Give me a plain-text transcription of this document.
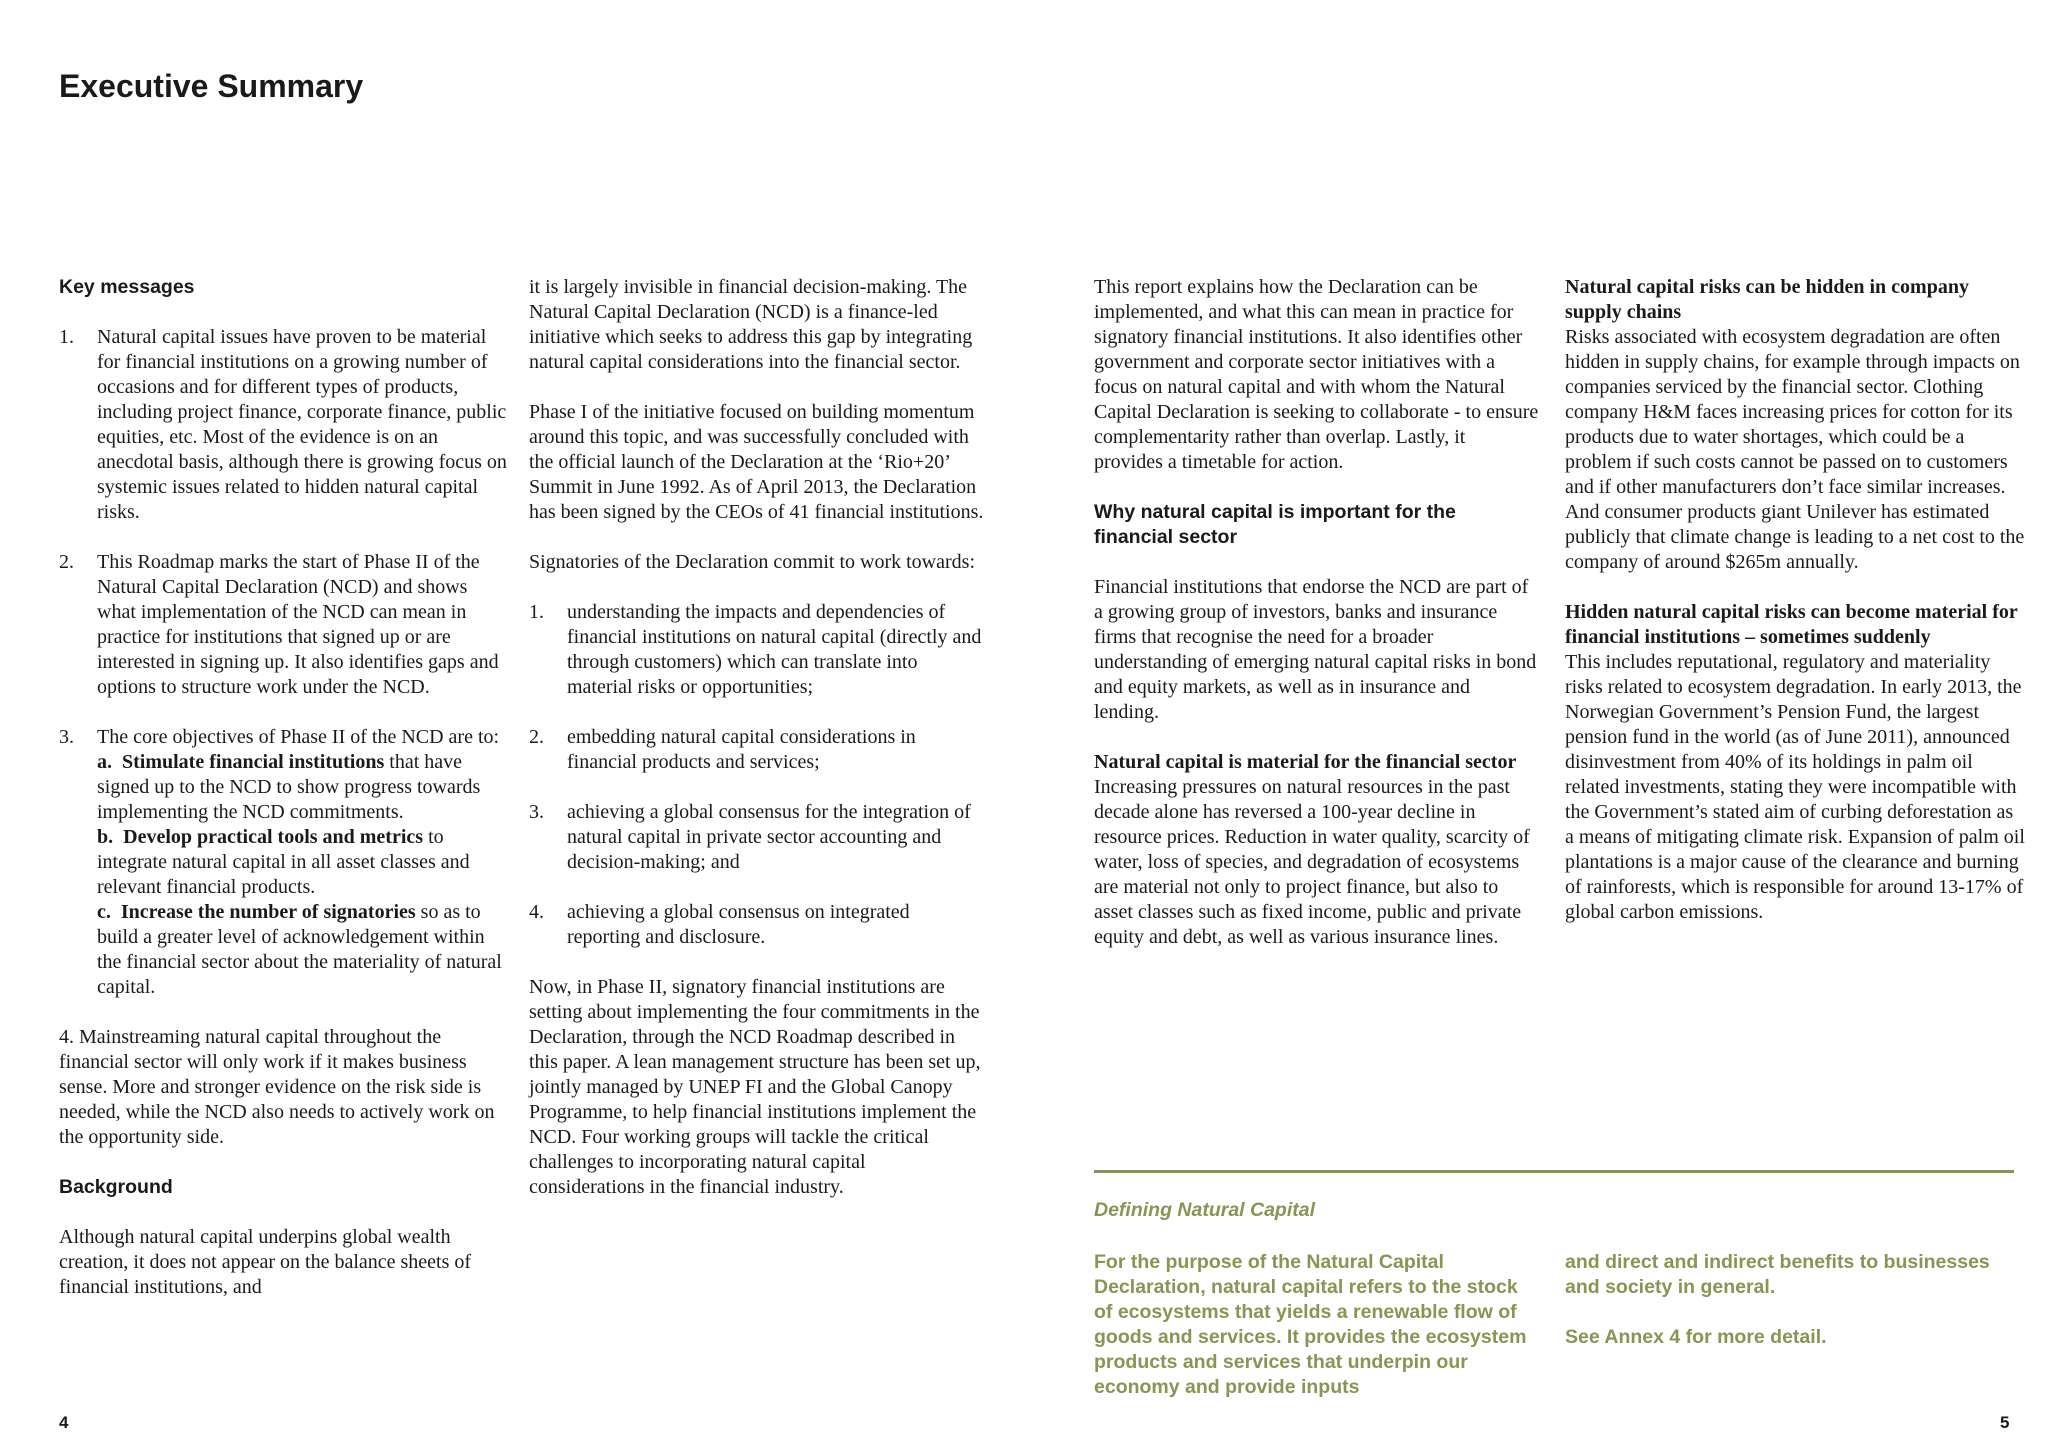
Executive Summary
Key messages
1. Natural capital issues have proven to be material for financial institutions on a growing number of occasions and for different types of products, including project finance, corporate finance, public equities, etc. Most of the evidence is on an anecdotal basis, although there is growing focus on systemic issues related to hidden natural capital risks.
2. This Roadmap marks the start of Phase II of the Natural Capital Declaration (NCD) and shows what implementation of the NCD can mean in practice for institutions that signed up or are interested in signing up. It also identifies gaps and options to structure work under the NCD.
3. The core objectives of Phase II of the NCD are to:
a.  Stimulate financial institutions that have signed up to the NCD to show progress towards implementing the NCD commitments.
b.  Develop practical tools and metrics to integrate natural capital in all asset classes and relevant financial products.
c.  Increase the number of signatories so as to build a greater level of acknowledgement within the financial sector about the materiality of natural capital.
4. Mainstreaming natural capital throughout the financial sector will only work if it makes business sense. More and stronger evidence on the risk side is needed, while the NCD also needs to actively work on the opportunity side.
Background

Although natural capital underpins global wealth creation, it does not appear on the balance sheets of financial institutions, and

it is largely invisible in financial decision-making. The Natural Capital Declaration (NCD) is a finance-led initiative which seeks to address this gap by integrating natural capital considerations into the financial sector.

Phase I of the initiative focused on building momentum around this topic, and was successfully concluded with the official launch of the Declaration at the ‘Rio+20’ Summit in June 1992. As of April 2013, the Declaration has been signed by the CEOs of 41 financial institutions.

Signatories of the Declaration commit to work towards:

1. understanding the impacts and dependencies of financial institutions on natural capital (directly and through customers) which can translate into material risks or opportunities;
2. embedding natural capital considerations in financial products and services;
3. achieving a global consensus for the integration of natural capital in private sector accounting and decision-making; and
4. achieving a global consensus on integrated reporting and disclosure.

Now, in Phase II, signatory financial institutions are setting about implementing the four commitments in the Declaration, through the NCD Roadmap described in this paper. A lean management structure has been set up, jointly managed by UNEP FI and the Global Canopy Programme, to help financial institutions implement the NCD. Four working groups will tackle the critical challenges to incorporating natural capital considerations in the financial industry.

This report explains how the Declaration can be implemented, and what this can mean in practice for signatory financial institutions. It also identifies other government and corporate sector initiatives with a focus on natural capital and with whom the Natural Capital Declaration is seeking to collaborate - to ensure complementarity rather than overlap. Lastly, it provides a timetable for action.

Why natural capital is important for the financial sector

Financial institutions that endorse the NCD are part of a growing group of investors, banks and insurance firms that recognise the need for a broader understanding of emerging natural capital risks in bond and equity markets, as well as in insurance and lending.

Natural capital is material for the financial sector

Increasing pressures on natural resources in the past decade alone has reversed a 100-year decline in resource prices. Reduction in water quality, scarcity of water, loss of species, and degradation of ecosystems are material not only to project finance, but also to asset classes such as fixed income, public and private equity and debt, as well as various insurance lines.

Natural capital risks can be hidden in company supply chains

Risks associated with ecosystem degradation are often hidden in supply chains, for example through impacts on companies serviced by the financial sector. Clothing company H&M faces increasing prices for cotton for its products due to water shortages, which could be a problem if such costs cannot be passed on to customers and if other manufacturers don’t face similar increases. And consumer products giant Unilever has estimated publicly that climate change is leading to a net cost to the company of around $265m annually.

Hidden natural capital risks can become material for financial institutions – sometimes suddenly

This includes reputational, regulatory and materiality risks related to ecosystem degradation. In early 2013, the Norwegian Government’s Pension Fund, the largest pension fund in the world (as of June 2011), announced disinvestment from 40% of its holdings in palm oil related investments, stating they were incompatible with the Government’s stated aim of curbing deforestation as a means of mitigating climate risk. Expansion of palm oil plantations is a major cause of the clearance and burning of rainforests, which is responsible for around 13-17% of global carbon emissions.

Defining Natural Capital

For the purpose of the Natural Capital Declaration, natural capital refers to the stock of ecosystems that yields a renewable flow of goods and services. It provides the ecosystem products and services that underpin our economy and provide inputs

and direct and indirect benefits to businesses and society in general.

See Annex 4 for more detail.

4	5
